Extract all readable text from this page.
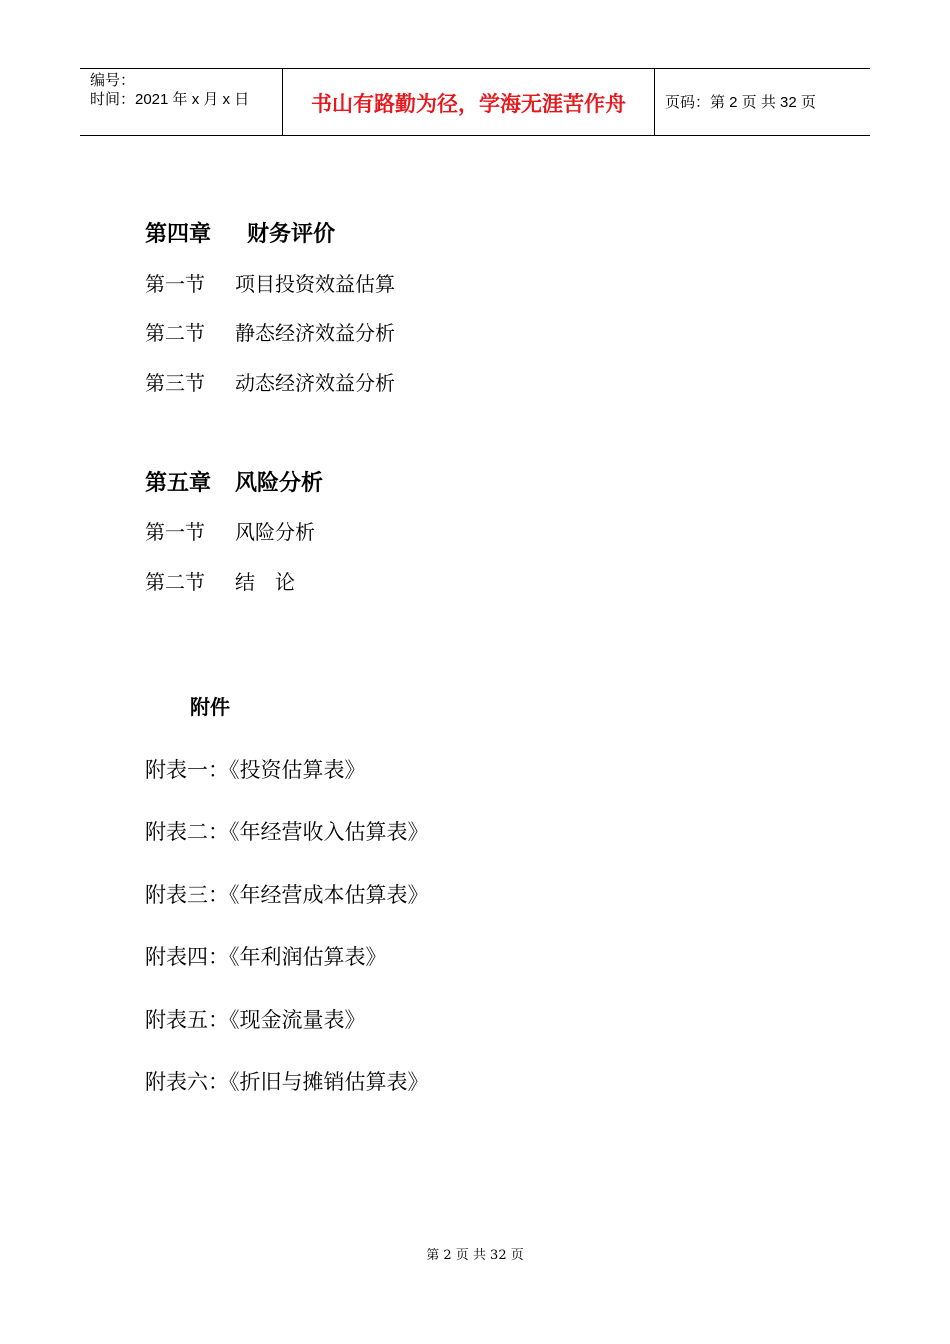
编号：
时间：2021 年 x 月 x 日	书山有路勤为径，学海无涯苦作舟	页码：第 2 页 共 32 页
第四章 财务评价
第一节 项目投资效益估算
第二节 静态经济效益分析
第三节 动态经济效益分析
第五章 风险分析
第一节 风险分析
第二节 结　论
附件
附表一：《投资估算表》
附表二：《年经营收入估算表》
附表三：《年经营成本估算表》
附表四：《年利润估算表》
附表五：《现金流量表》
附表六：《折旧与摊销估算表》
第 2 页 共 32 页
